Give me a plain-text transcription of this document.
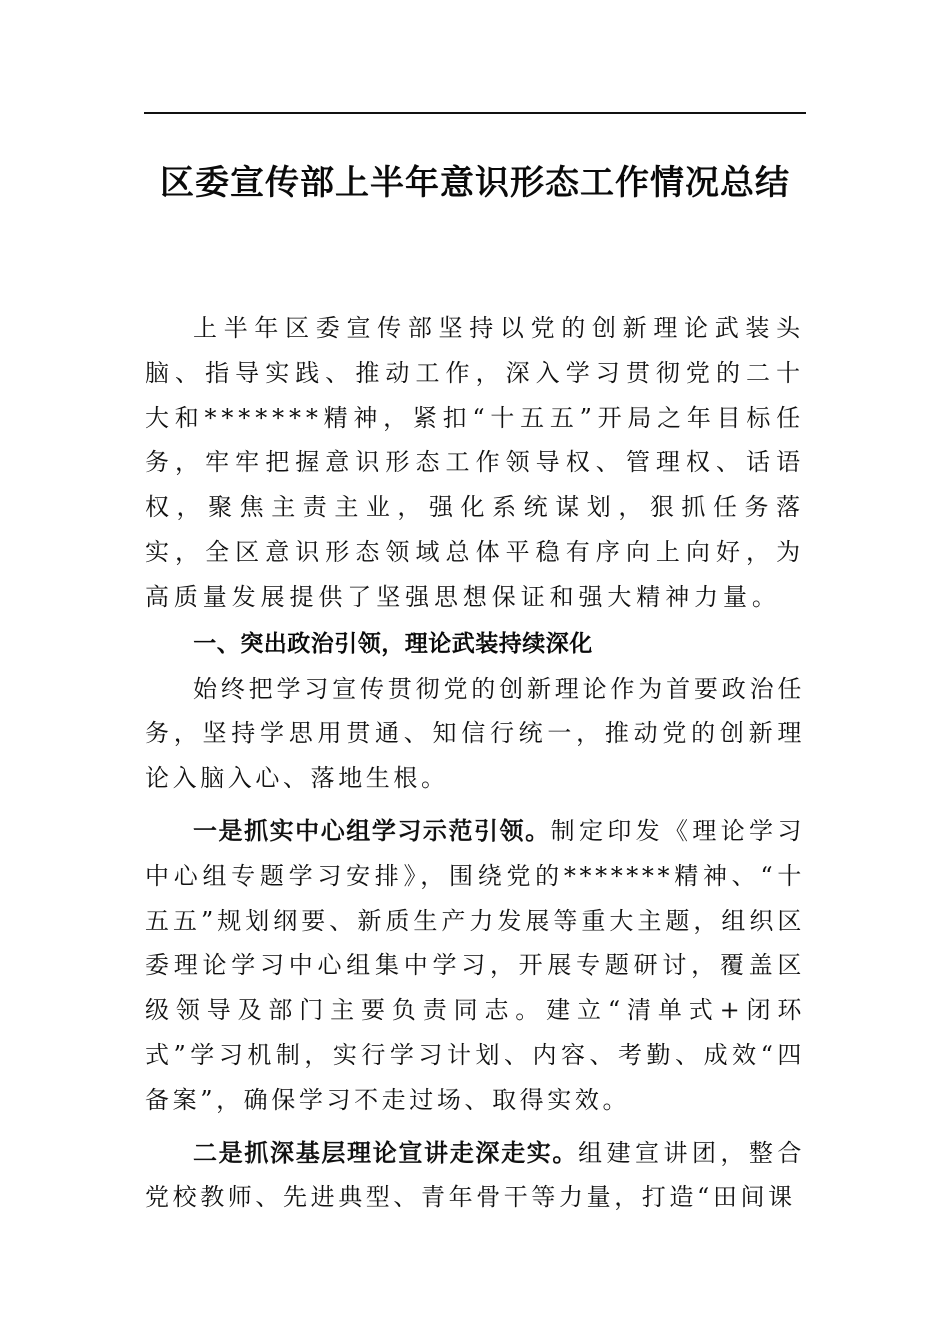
区委宣传部上半年意识形态工作情况总结

上半年区委宣传部坚持以党的创新理论武装头脑、指导实践、推动工作，深入学习贯彻党的二十大和*******精神，紧扣“十五五”开局之年目标任务，牢牢把握意识形态工作领导权、管理权、话语权，聚焦主责主业，强化系统谋划，狠抓任务落实，全区意识形态领域总体平稳有序向上向好，为高质量发展提供了坚强思想保证和强大精神力量。

一、突出政治引领，理论武装持续深化

始终把学习宣传贯彻党的创新理论作为首要政治任务，坚持学思用贯通、知信行统一，推动党的创新理论入脑入心、落地生根。

一是抓实中心组学习示范引领。制定印发《理论学习中心组专题学习安排》，围绕党的*******精神、“十五五”规划纲要、新质生产力发展等重大主题，组织区委理论学习中心组集中学习，开展专题研讨，覆盖区级领导及部门主要负责同志。建立“清单式+闭环式”学习机制，实行学习计划、内容、考勤、成效“四备案”，确保学习不走过场、取得实效。

二是抓深基层理论宣讲走深走实。组建宣讲团，整合党校教师、先进典型、青年骨干等力量，打造“田间课
